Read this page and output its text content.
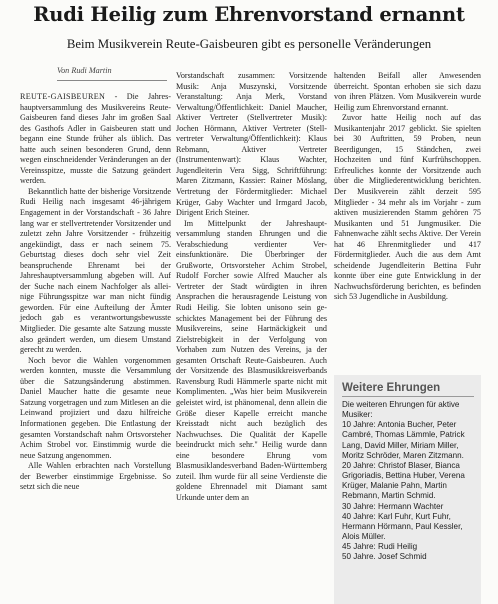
Rudi Heilig zum Ehrenvorstand ernannt
Beim Musikverein Reute-Gaisbeuren gibt es personelle Veränderungen
Von Rudi Martin

REUTE-GAISBEUREN - Die Jahreshauptversammlung des Musikvereins Reute-Gaisbeuren fand dieses Jahr im großen Saal des Gasthofs Adler in Gaisbeuren statt und begann eine Stunde früher als üblich. Das hatte auch seinen besonderen Grund, denn wegen einschneidender Veränderungen an der Vereinsspitze, musste die Satzung geändert werden.

Bekanntlich hatte der bisherige Vorsitzende Rudi Heilig nach insgesamt 46-jährigem Engagement in der Vorstandschaft - 36 Jahre lang war er stellvertretender Vorsitzender und zuletzt zehn Jahre Vorsitzender - frühzeitig angekündigt, dass er nach seinem 75. Geburtstag dieses doch sehr viel Zeit beanspruchende Ehrenamt bei der Jahreshauptversammlung abgeben will. Auf der Suche nach einem Nachfolger als alleinige Führungsspitze war man nicht fündig geworden. Für eine Aufteilung der Ämter jedoch gab es verantwortungsbewusste Mitglieder. Die gesamte alte Satzung musste also geändert werden, um diesem Umstand gerecht zu werden.

Noch bevor die Wahlen vorgenommen werden konnten, musste die Versammlung über die Satzungsänderung abstimmen. Daniel Maucher hatte die gesamte neue Satzung vorgetragen und zum Mitlesen an die Leinwand projiziert und dazu hilfreiche Informationen gegeben. Die Entlastung der gesamten Vorstandschaft nahm Ortsvorsteher Achim Strobel vor. Einstimmig wurde die neue Satzung angenommen.

Alle Wahlen erbrachten nach Vorstellung der Bewerber einstimmige Ergebnisse. So setzt sich die neue

Vorstandschaft zusammen: Vorsitzende Musik: Anja Muszynski, Vorsitzende Veranstaltung: Anja Merk, Vorstand Verwaltung/Öffentlichkeit: Daniel Maucher, Aktiver Vertreter (Stellvertreter Musik): Jochen Hörmann, Aktiver Vertreter (Stellvertreter Verwaltung/Öffentlichkeit): Klaus Rebmann, Aktiver Vertreter (Instrumentenwart): Klaus Wachter, Jugendleiterin Vera Sigg, Schriftführung: Maren Zitzmann, Kassier: Rainer Möslang, Vertretung der Fördermitglieder: Michael Krüger, Gaby Wachter und Irmgard Jacob, Dirigent Erich Steiner.

Im Mittelpunkt der Jahreshauptversammlung standen Ehrungen und die Verabschiedung verdienter Vereinsfunktionäre. Die Überbringer der Grußworte, Ortsvorsteher Achim Strobel, Rudolf Forcher sowie Alfred Maucher als Vertreter der Stadt würdigten in ihren Ansprachen die herausragende Leistung von Rudi Heilig. Sie lobten unisono sein geschicktes Management bei der Führung des Musikvereins, seine Hartnäckigkeit und Zielstrebigkeit in der Verfolgung von Vorhaben zum Nutzen des Vereins, ja der gesamten Ortschaft Reute-Gaisbeuren. Auch der Vorsitzende des Blasmusikkreisverbands Ravensburg Rudi Hämmerle sparte nicht mit Komplimenten. „Was hier beim Musikverein geleistet wird, ist phänomenal, denn allein die Größe dieser Kapelle erreicht manche Kreisstadt nicht auch bezüglich des Nachwuchses. Die Qualität der Kapelle beeindruckt mich sehr." Heilig wurde dann eine besondere Ehrung vom Blasmusiklandesverband Baden-Württemberg zuteil. Ihm wurde für all seine Verdienste die goldene Ehrennadel mit Diamant samt Urkunde unter dem an

haltenden Beifall aller Anwesenden überreicht. Spontan erhoben sie sich dazu von ihren Plätzen. Vom Musikverein wurde Heilig zum Ehrenvorstand ernannt.

Zuvor hatte Heilig noch auf das Musikantenjahr 2017 geblickt. Sie spielten bei 30 Auftritten, 59 Proben, neun Beerdigungen, 15 Ständchen, zwei Hochzeiten und fünf Kurfrühschoppen. Erfreuliches konnte der Vorsitzende auch über die Mitgliederentwicklung berichten. Der Musikverein zählt derzeit 595 Mitglieder - 34 mehr als im Vorjahr - zum aktiven musizierenden Stamm gehören 75 Musikanten und 51 Jungmusiker. Die Fahnenwache zählt sechs Aktive. Der Verein hat 46 Ehrenmitglieder und 417 Fördermitglieder. Auch die aus dem Amt scheidende Jugendleiterin Bettina Fuhr konnte über eine gute Entwicklung in der Nachwuchsförderung berichten, es befinden sich 53 Jugendliche in Ausbildung.

Weitere Ehrungen

Die weiteren Ehrungen für aktive Musiker:

10 Jahre: Antonia Bucher, Peter Cambré, Thomas Lämmle, Patrick Lang, David Miller, Miriam Miller, Moritz Schröder, Maren Zitzmann.

20 Jahre: Christof Blaser, Bianca Grigoriadis, Bettina Huber, Verena Krüger, Malanie Pahn, Martin Rebmann, Martin Schmid.

30 Jahre: Hermann Wachter

40 Jahre: Karl Fuhr, Kurt Fuhr, Hermann Hörmann, Paul Kessler, Alois Müller.

45 Jahre: Rudi Heilig

50 Jahre. Josef Schmid
